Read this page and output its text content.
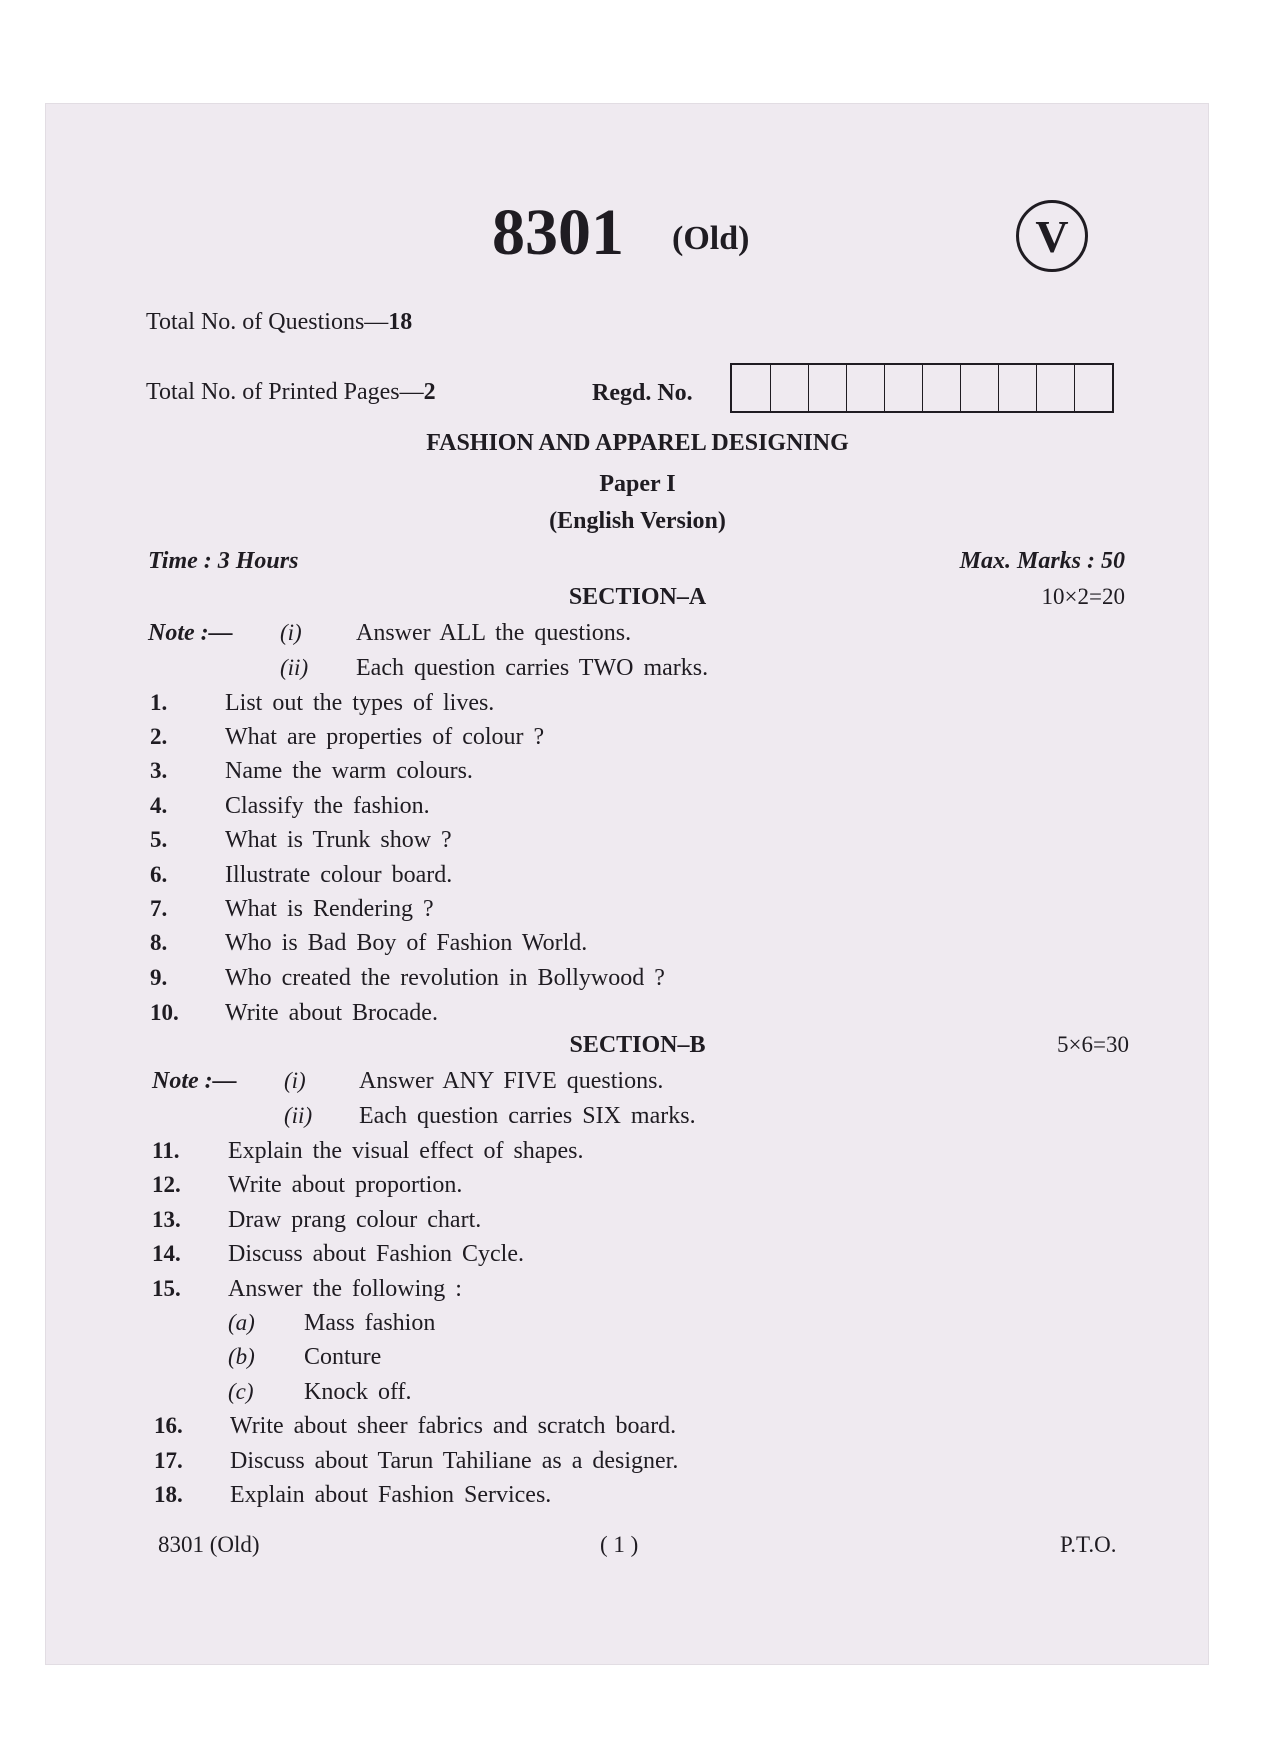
8301 (Old)	V
Total No. of Questions—18
Total No. of Printed Pages—2	Regd. No.
FASHION AND APPAREL DESIGNING
Paper I
(English Version)
Time : 3 Hours	Max. Marks : 50
SECTION–A	10×2=20
Note :— (i) Answer ALL the questions.
(ii) Each question carries TWO marks.
1. List out the types of lives.
2. What are properties of colour ?
3. Name the warm colours.
4. Classify the fashion.
5. What is Trunk show ?
6. Illustrate colour board.
7. What is Rendering ?
8. Who is Bad Boy of Fashion World.
9. Who created the revolution in Bollywood ?
10. Write about Brocade.
SECTION–B	5×6=30
Note :— (i) Answer ANY FIVE questions.
(ii) Each question carries SIX marks.
11. Explain the visual effect of shapes.
12. Write about proportion.
13. Draw prang colour chart.
14. Discuss about Fashion Cycle.
15. Answer the following :
(a) Mass fashion
(b) Conture
(c) Knock off.
16. Write about sheer fabrics and scratch board.
17. Discuss about Tarun Tahiliane as a designer.
18. Explain about Fashion Services.
8301 (Old)	( 1 )	P.T.O.
